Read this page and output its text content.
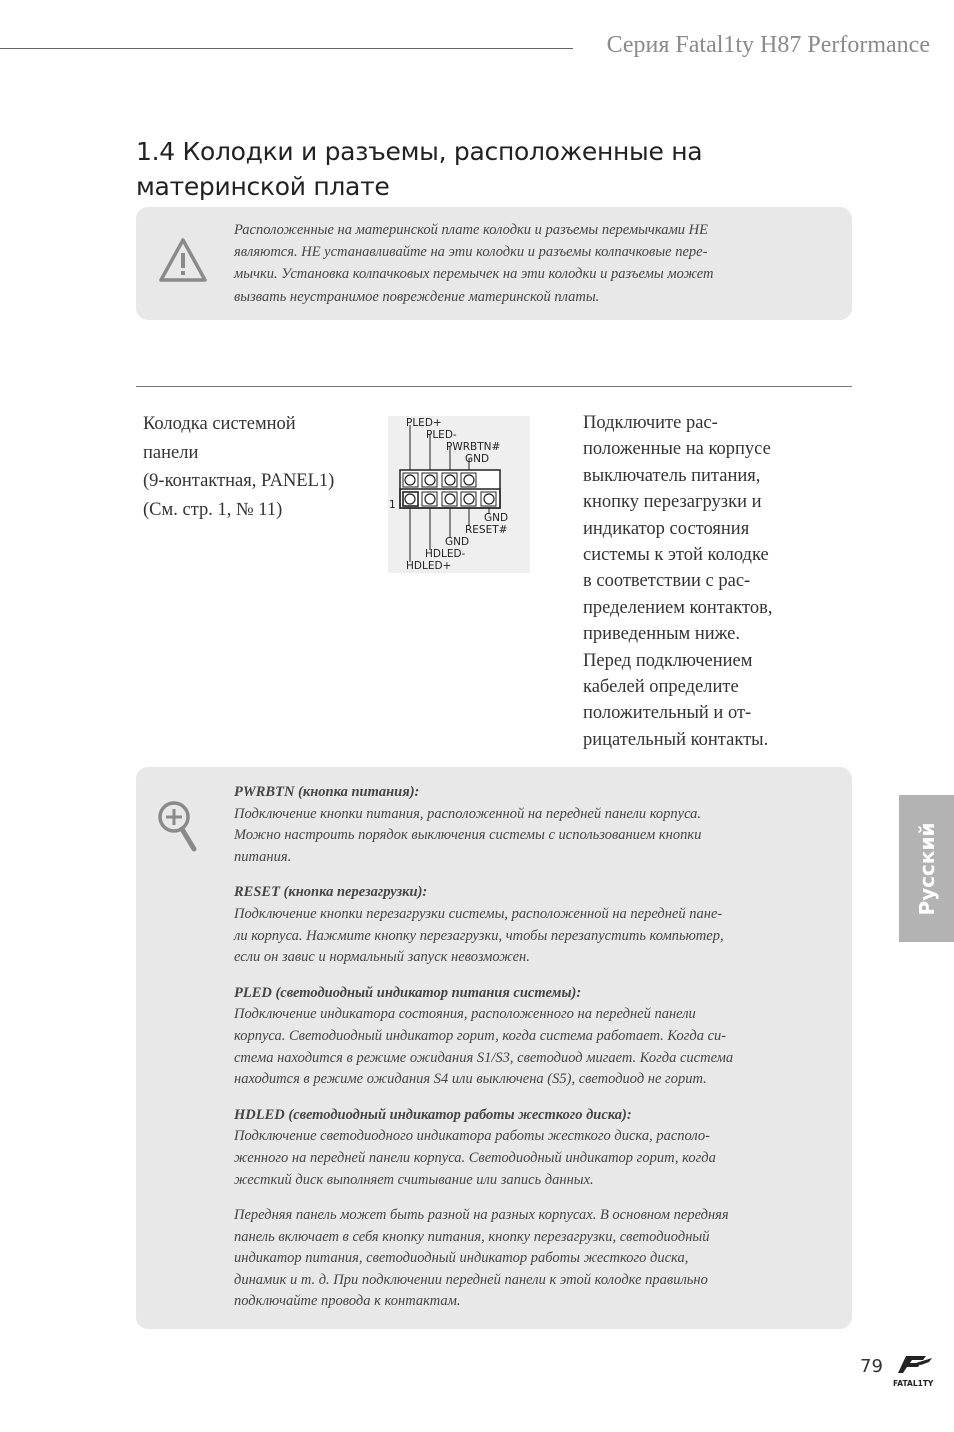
Серия Fatal1ty H87 Performance
1.4 Колодки и разъемы, расположенные на материнской плате
Расположенные на материнской плате колодки и разъемы перемычками НЕ
являются. НЕ устанавливайте на эти колодки и разъемы колпачковые пере-
мычки. Установка колпачковых перемычек на эти колодки и разъемы может
вызвать неустранимое повреждение материнской платы.
Колодка системной
панели
(9-контактная, PANEL1)
(См. стр. 1, № 11)	1
PLED+
PLED-
PWRBTN#
GND
GND
RESET#
GND
HDLED-
HDLED+
Подключите рас-
положенные на корпусе
выключатель питания,
кнопку перезагрузки и
индикатор состояния
системы к этой колодке
в соответствии с рас-
пределением контактов,
приведенным ниже.
Перед подключением
кабелей определите
положительный и от-
рицательный контакты.
PWRBTN (кнопка питания):
Подключение кнопки питания, расположенной на передней панели корпуса.
Можно настроить порядок выключения системы с использованием кнопки
питания.
RESET (кнопка перезагрузки):
Подключение кнопки перезагрузки системы, расположенной на передней пане-
ли корпуса. Нажмите кнопку перезагрузки, чтобы перезапустить компьютер,
если он завис и нормальный запуск невозможен.
PLED (светодиодный индикатор питания системы):
Подключение индикатора состояния, расположенного на передней панели
корпуса. Светодиодный индикатор горит, когда система работает. Когда си-
стема находится в режиме ожидания S1/S3, светодиод мигает. Когда система
находится в режиме ожидания S4 или выключена (S5), светодиод не горит.
HDLED (светодиодный индикатор работы жесткого диска):
Подключение светодиодного индикатора работы жесткого диска, располо-
женного на передней панели корпуса. Светодиодный индикатор горит, когда
жесткий диск выполняет считывание или запись данных.
Передняя панель может быть разной на разных корпусах. В основном передняя
панель включает в себя кнопку питания, кнопку перезагрузки, светодиодный
индикатор питания, светодиодный индикатор работы жесткого диска,
динамик и т. д. При подключении передней панели к этой колодке правильно
подключайте провода к контактам.
Русский
79
FATAL1TY
